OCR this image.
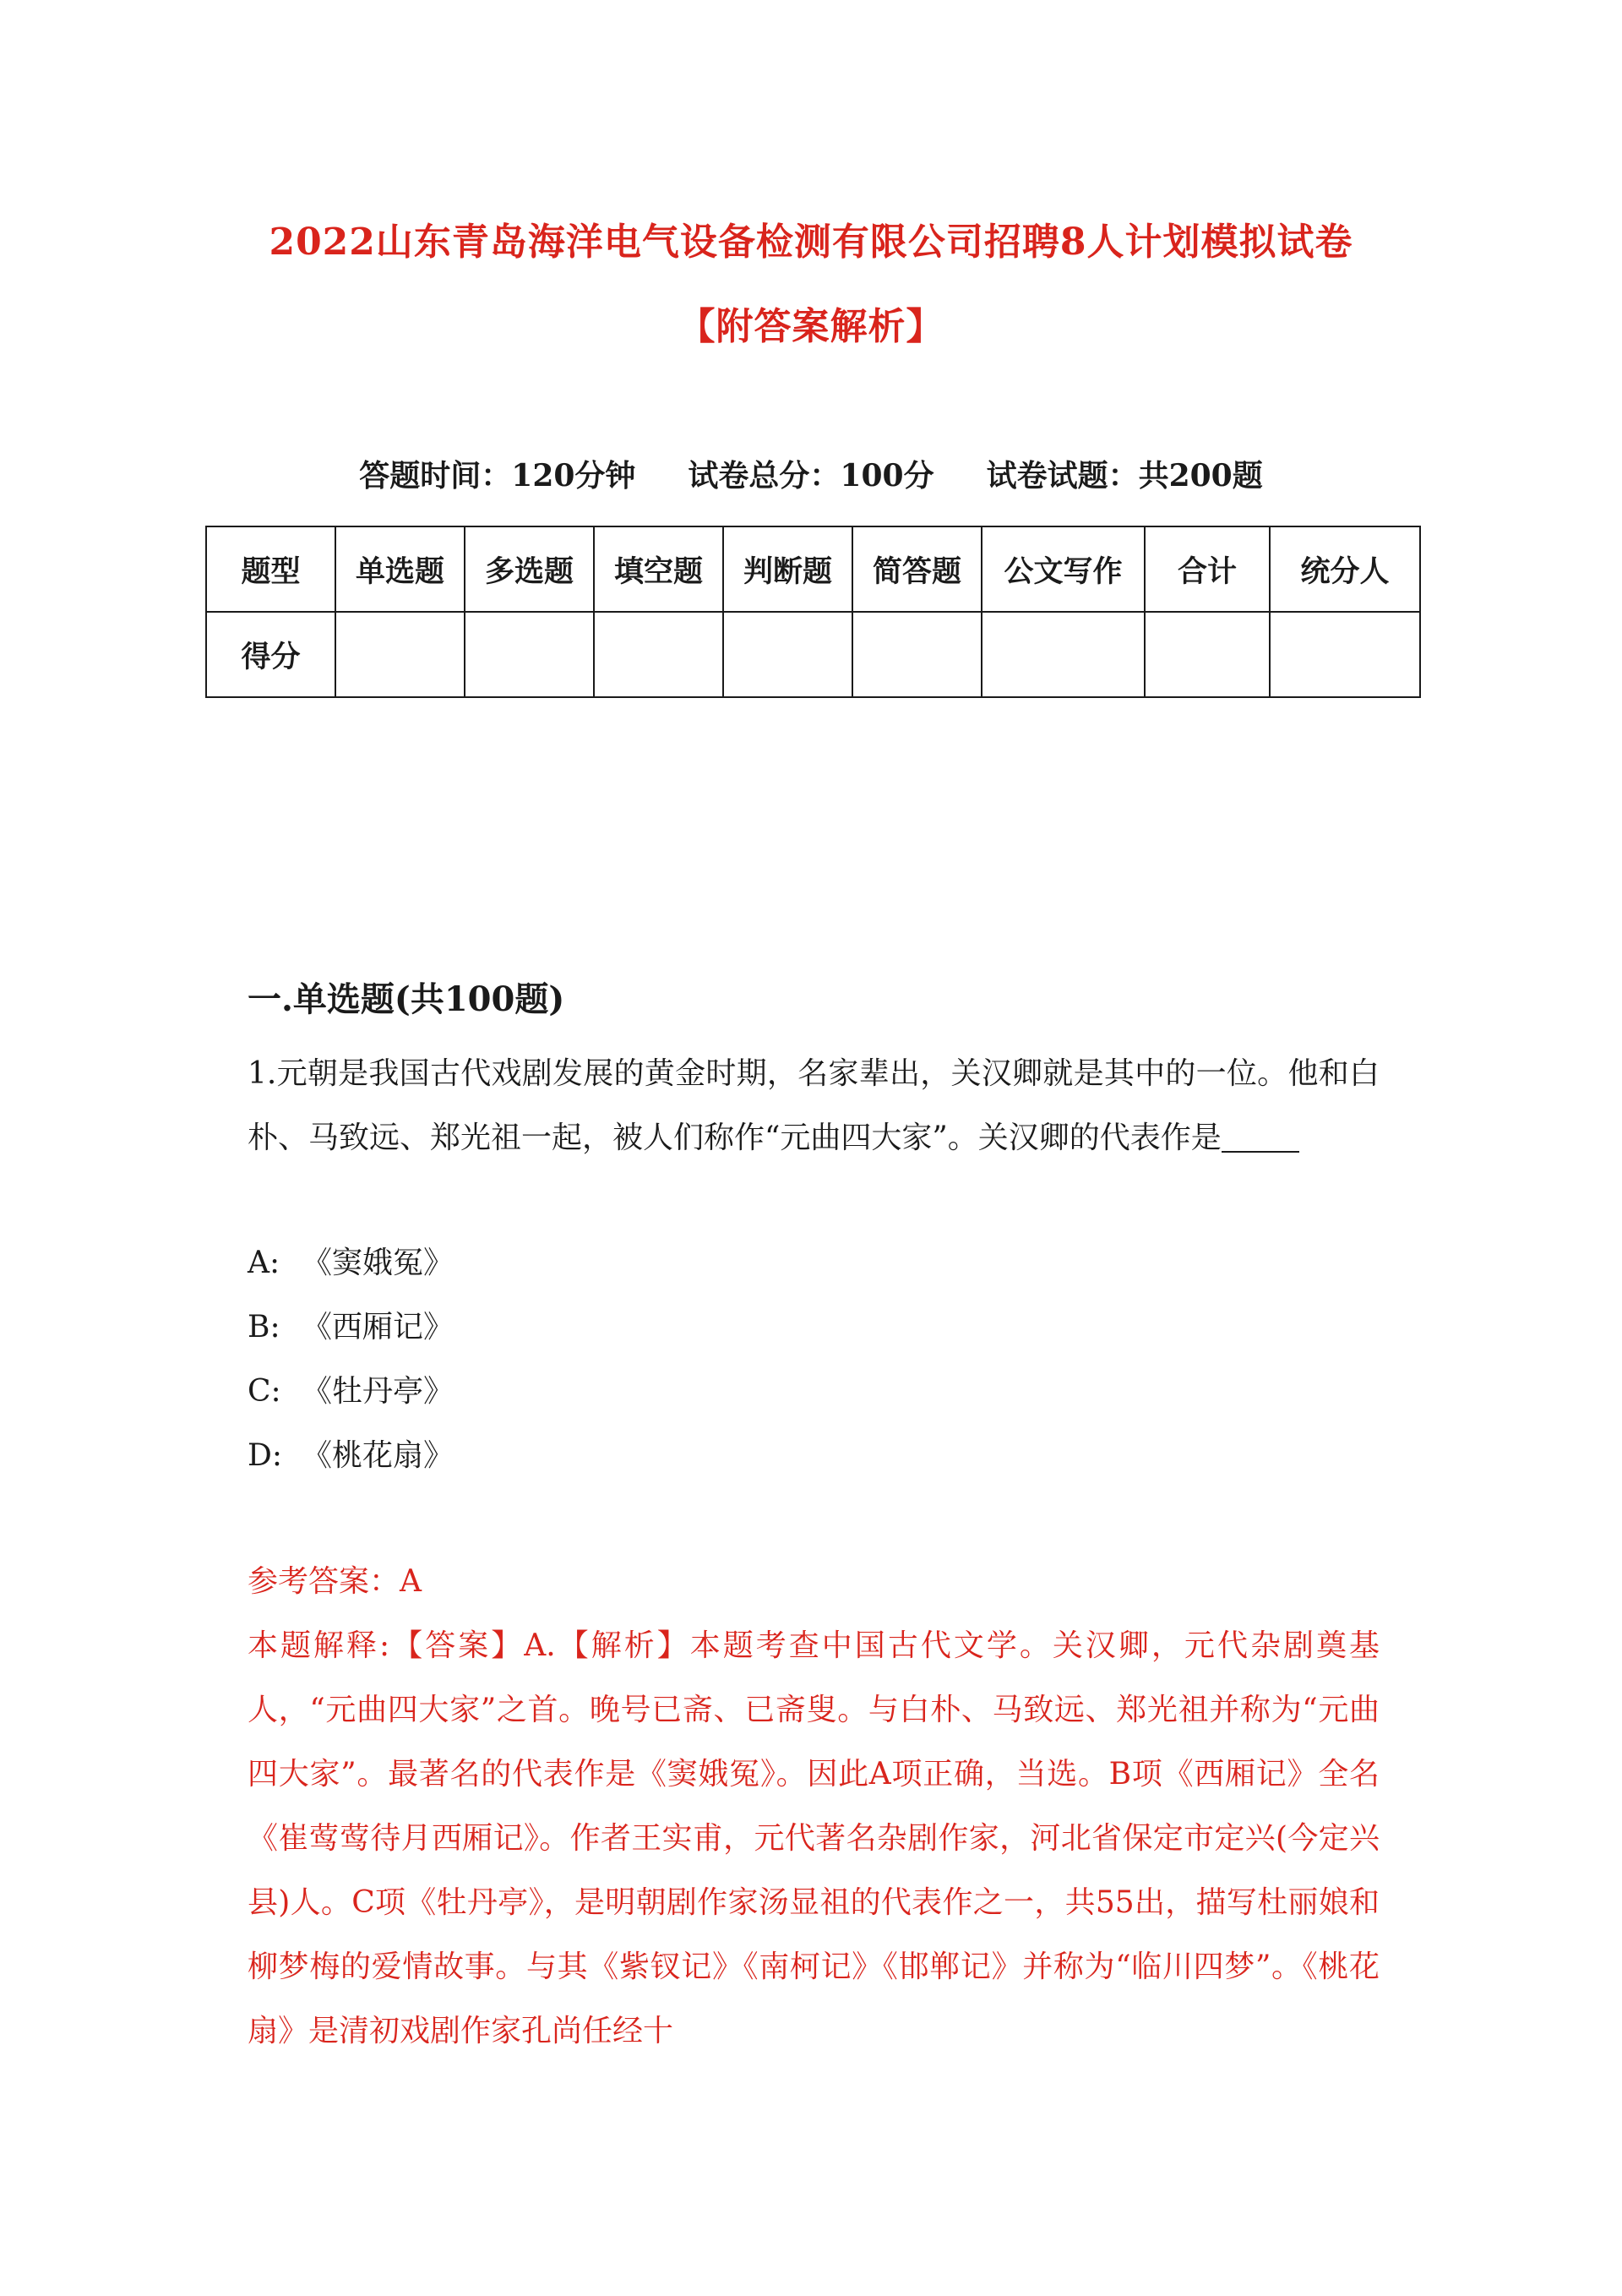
2022山东青岛海洋电气设备检测有限公司招聘8人计划模拟试卷
【附答案解析】
答题时间：120分钟 试卷总分：100分 试卷试题：共200题
题型	单选题	多选题	填空题	判断题	简答题	公文写作	合计	统分人
得分								
一.单选题(共100题)
1.元朝是我国古代戏剧发展的黄金时期，名家辈出，关汉卿就是其中的一位。他和白朴、马致远、郑光祖一起，被人们称作“元曲四大家”。关汉卿的代表作是
A: 《窦娥冤》
B: 《西厢记》
C: 《牡丹亭》
D: 《桃花扇》
参考答案：A
本题解释:【答案】A.【解析】本题考查中国古代文学。关汉卿，元代杂剧奠基人，“元曲四大家”之首。晚号已斋、已斋叟。与白朴、马致远、郑光祖并称为“元曲四大家”。最著名的代表作是《窦娥冤》。因此A项正确，当选。B项《西厢记》全名《崔莺莺待月西厢记》。作者王实甫，元代著名杂剧作家，河北省保定市定兴(今定兴县)人。C项《牡丹亭》，是明朝剧作家汤显祖的代表作之一，共55出，描写杜丽娘和柳梦梅的爱情故事。与其《紫钗记》《南柯记》《邯郸记》并称为“临川四梦”。《桃花扇》是清初戏剧作家孔尚任经十
